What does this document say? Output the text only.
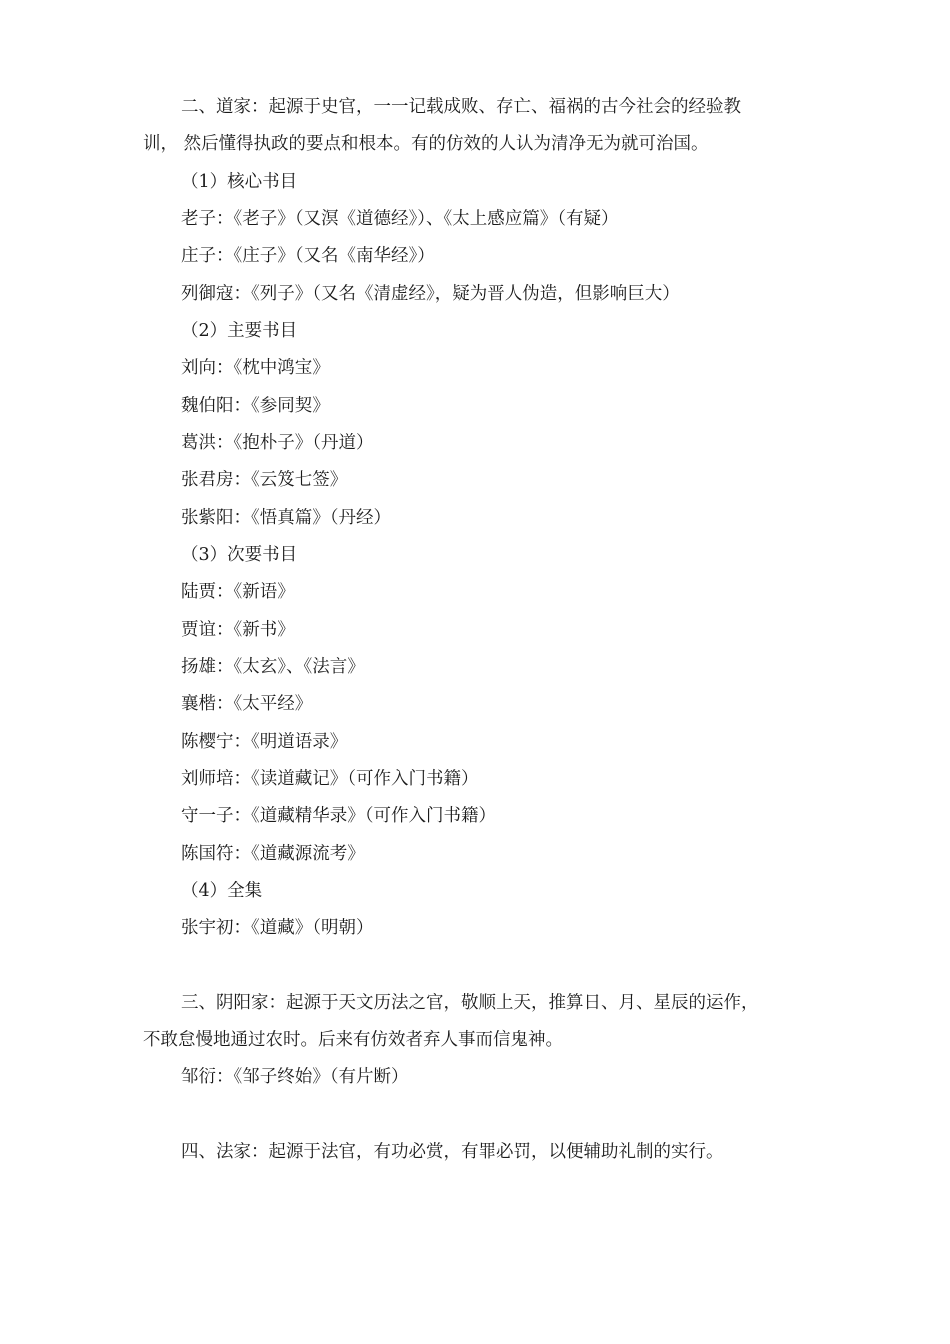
二、道家：起源于史官，一一记载成败、存亡、福祸的古今社会的经验教
训， 然后懂得执政的要点和根本。有的仿效的人认为清净无为就可治国。
（1）核心书目
老子：《老子》（又溟《道德经》）、《太上感应篇》（有疑）
庄子：《庄子》（又名《南华经》）
列御寇：《列子》（又名《清虚经》，疑为晋人伪造，但影响巨大）
（2）主要书目
刘向：《枕中鸿宝》
魏伯阳：《参同契》
葛洪：《抱朴子》（丹道）
张君房：《云笈七签》
张紫阳：《悟真篇》（丹经）
（3）次要书目
陆贾：《新语》
贾谊：《新书》
扬雄：《太玄》、《法言》
襄楷：《太平经》
陈樱宁：《明道语录》
刘师培：《读道藏记》（可作入门书籍）
守一子：《道藏精华录》（可作入门书籍）
陈国符：《道藏源流考》
（4）全集
张宇初：《道藏》（明朝）
三、阴阳家：起源于天文历法之官，敬顺上天，推算日、月、星辰的运作，
不敢怠慢地通过农时。后来有仿效者弃人事而信鬼神。
邹衍：《邹子终始》（有片断）
四、法家：起源于法官，有功必赏，有罪必罚，以便辅助礼制的实行。
